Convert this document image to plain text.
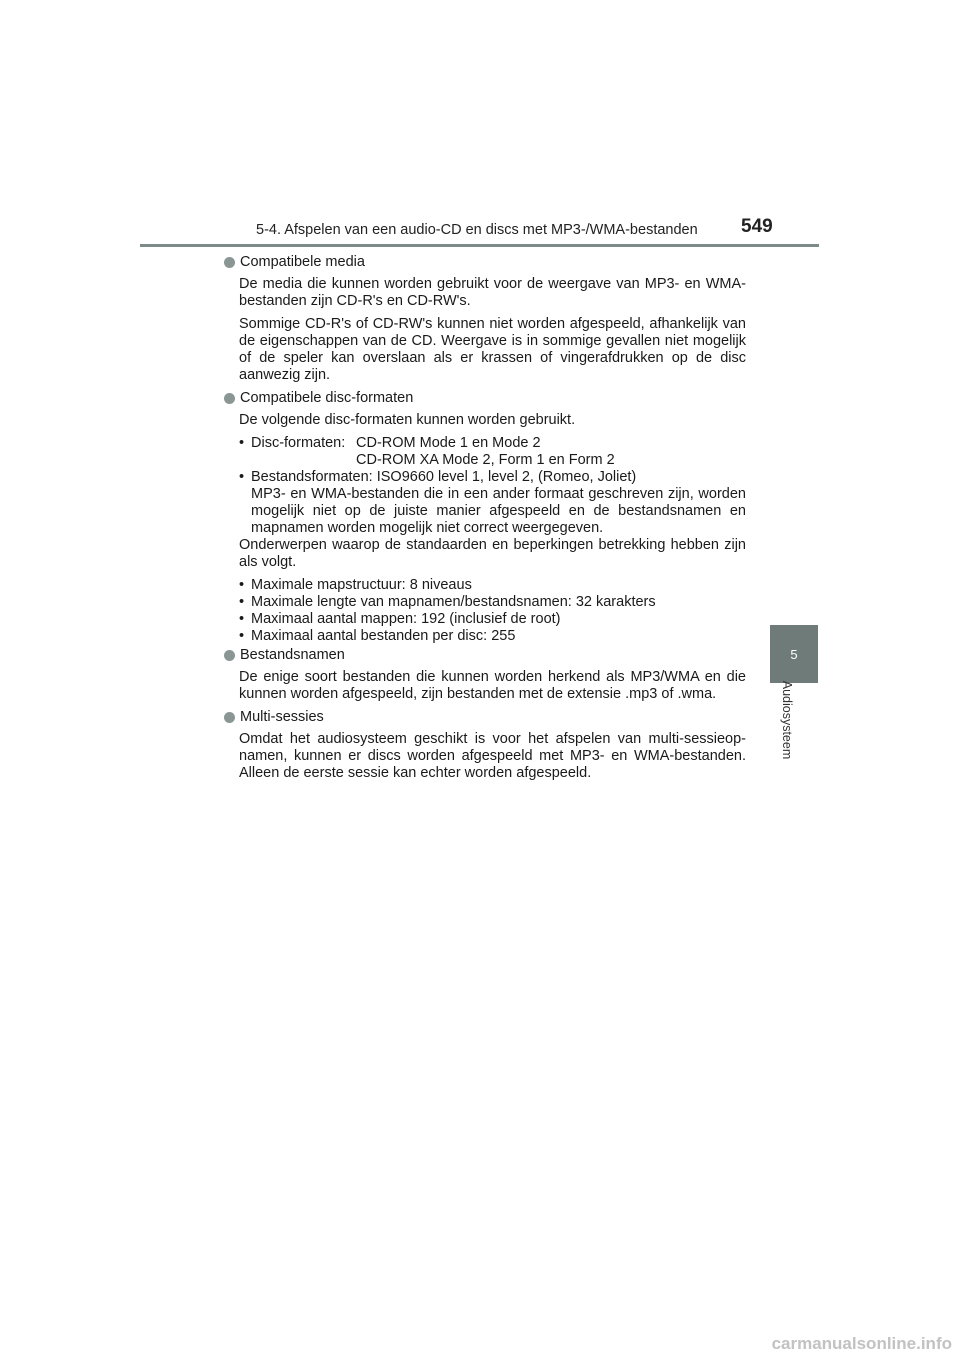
5-4. Afspelen van een audio-CD en discs met MP3-/WMA-bestanden 549
5
Audiosysteem
Compatibele media

De media die kunnen worden gebruikt voor de weergave van MP3- en WMA-bestanden zijn CD-R's en CD-RW's.

Sommige CD-R's of CD-RW's kunnen niet worden afgespeeld, afhankelijk van de eigenschappen van de CD. Weergave is in sommige gevallen niet mogelijk of de speler kan overslaan als er krassen of vingerafdrukken op de disc aanwezig zijn.

Compatibele disc-formaten

De volgende disc-formaten kunnen worden gebruikt.

• Disc-formaten: CD-ROM Mode 1 en Mode 2
CD-ROM XA Mode 2, Form 1 en Form 2
• Bestandsformaten: ISO9660 level 1, level 2, (Romeo, Joliet)
MP3- en WMA-bestanden die in een ander formaat geschreven zijn, worden mogelijk niet op de juiste manier afgespeeld en de bestandsnamen en mapnamen worden mogelijk niet correct weergegeven.

Onderwerpen waarop de standaarden en beperkingen betrekking hebben zijn als volgt.

• Maximale mapstructuur: 8 niveaus
• Maximale lengte van mapnamen/bestandsnamen: 32 karakters
• Maximaal aantal mappen: 192 (inclusief de root)
• Maximaal aantal bestanden per disc: 255
Bestandsnamen

De enige soort bestanden die kunnen worden herkend als MP3/WMA en die kunnen worden afgespeeld, zijn bestanden met de extensie .mp3 of .wma.

Multi-sessies

Omdat het audiosysteem geschikt is voor het afspelen van multi-sessieop-namen, kunnen er discs worden afgespeeld met MP3- en WMA-bestanden. Alleen de eerste sessie kan echter worden afgespeeld.

carmanualsonline.info
